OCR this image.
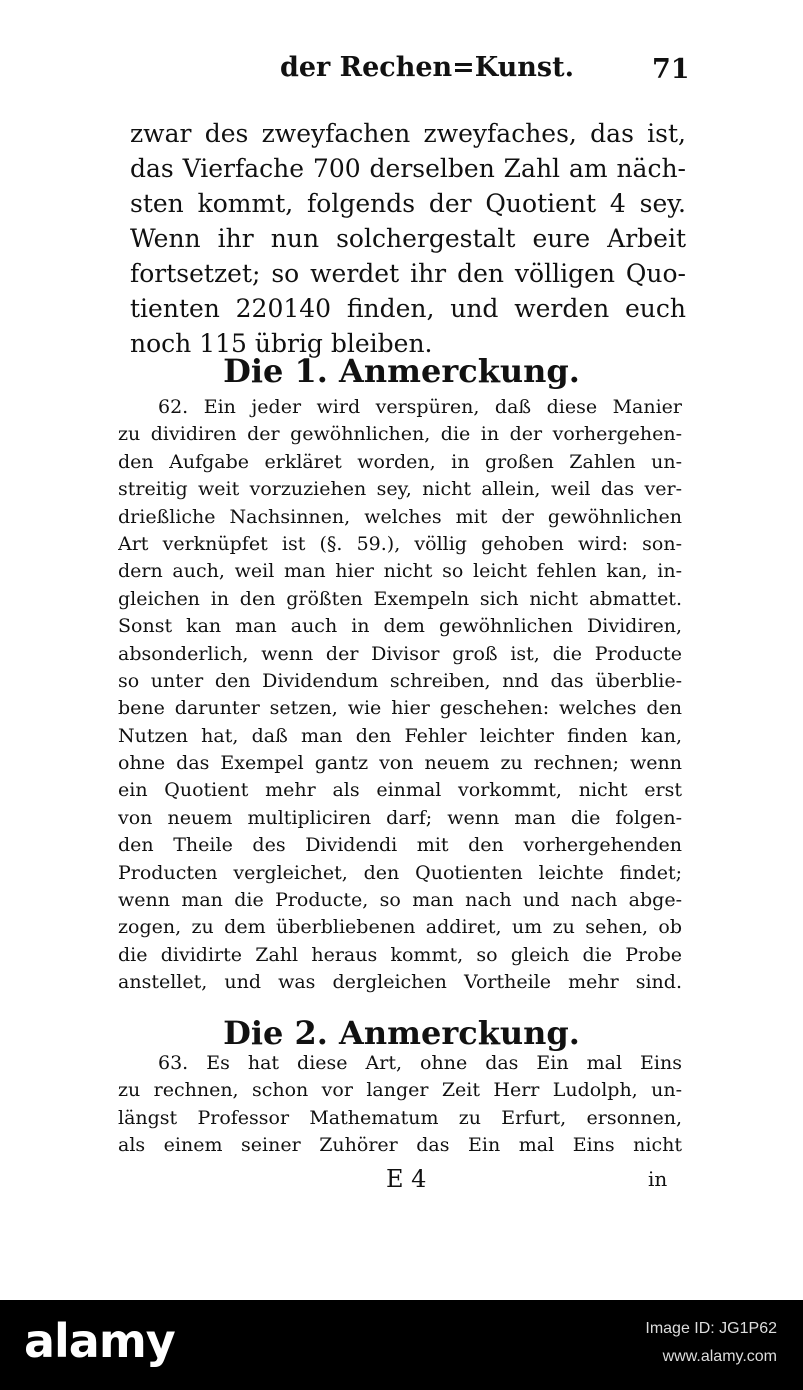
der Rechen=Kunst.	71
zwar des zweyfachen zweyfaches, das ist,
das Vierfache 700 derselben Zahl am näch-
sten kommt, folgends der Quotient 4 sey.
Wenn ihr nun solchergestalt eure Arbeit
fortsetzet; so werdet ihr den völligen Quo-
tienten 220140 finden, und werden euch
noch 115 übrig bleiben.
Die 1. Anmerckung.
62. Ein jeder wird verspüren, daß diese Manier
zu dividiren der gewöhnlichen, die in der vorhergehen-
den Aufgabe erkläret worden, in großen Zahlen un-
streitig weit vorzuziehen sey, nicht allein, weil das ver-
drießliche Nachsinnen, welches mit der gewöhnlichen
Art verknüpfet ist (§. 59.), völlig gehoben wird: son-
dern auch, weil man hier nicht so leicht fehlen kan, in-
gleichen in den größten Exempeln sich nicht abmattet.
Sonst kan man auch in dem gewöhnlichen Dividiren,
absonderlich, wenn der Divisor groß ist, die Producte
so unter den Dividendum schreiben, nnd das überblie-
bene darunter setzen, wie hier geschehen: welches den
Nutzen hat, daß man den Fehler leichter finden kan,
ohne das Exempel gantz von neuem zu rechnen; wenn
ein Quotient mehr als einmal vorkommt, nicht erst
von neuem multipliciren darf; wenn man die folgen-
den Theile des Dividendi mit den vorhergehenden
Producten vergleichet, den Quotienten leichte findet;
wenn man die Producte, so man nach und nach abge-
zogen, zu dem überbliebenen addiret, um zu sehen, ob
die dividirte Zahl heraus kommt, so gleich die Probe
anstellet, und was dergleichen Vortheile mehr sind.
Die 2. Anmerckung.
63. Es hat diese Art, ohne das Ein mal Eins
zu rechnen, schon vor langer Zeit Herr Ludolph, un-
längst Professor Mathematum zu Erfurt, ersonnen,
als einem seiner Zuhörer das Ein mal Eins nicht
E 4	in
alamy	Image ID: JG1P62
www.alamy.com
